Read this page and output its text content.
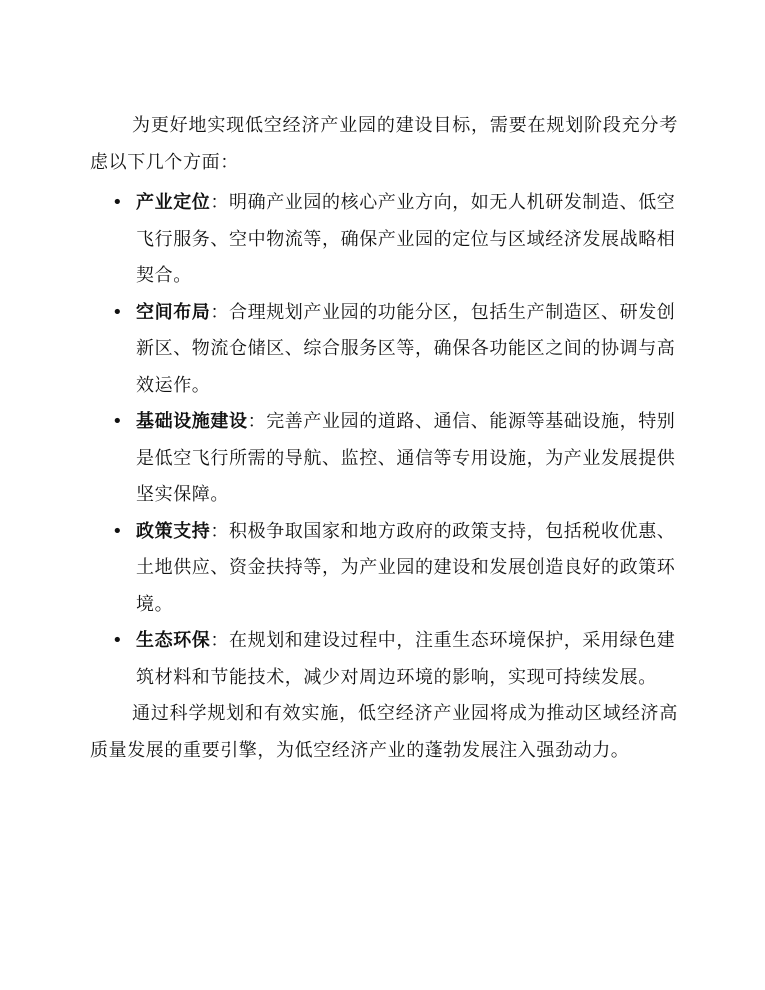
为更好地实现低空经济产业园的建设目标，需要在规划阶段充分考虑以下几个方面：

• 产业定位：明确产业园的核心产业方向，如无人机研发制造、低空飞行服务、空中物流等，确保产业园的定位与区域经济发展战略相契合。
• 空间布局：合理规划产业园的功能分区，包括生产制造区、研发创新区、物流仓储区、综合服务区等，确保各功能区之间的协调与高效运作。
• 基础设施建设：完善产业园的道路、通信、能源等基础设施，特别是低空飞行所需的导航、监控、通信等专用设施，为产业发展提供坚实保障。
• 政策支持：积极争取国家和地方政府的政策支持，包括税收优惠、土地供应、资金扶持等，为产业园的建设和发展创造良好的政策环境。
• 生态环保：在规划和建设过程中，注重生态环境保护，采用绿色建筑材料和节能技术，减少对周边环境的影响，实现可持续发展。

通过科学规划和有效实施，低空经济产业园将成为推动区域经济高质量发展的重要引擎，为低空经济产业的蓬勃发展注入强劲动力。
